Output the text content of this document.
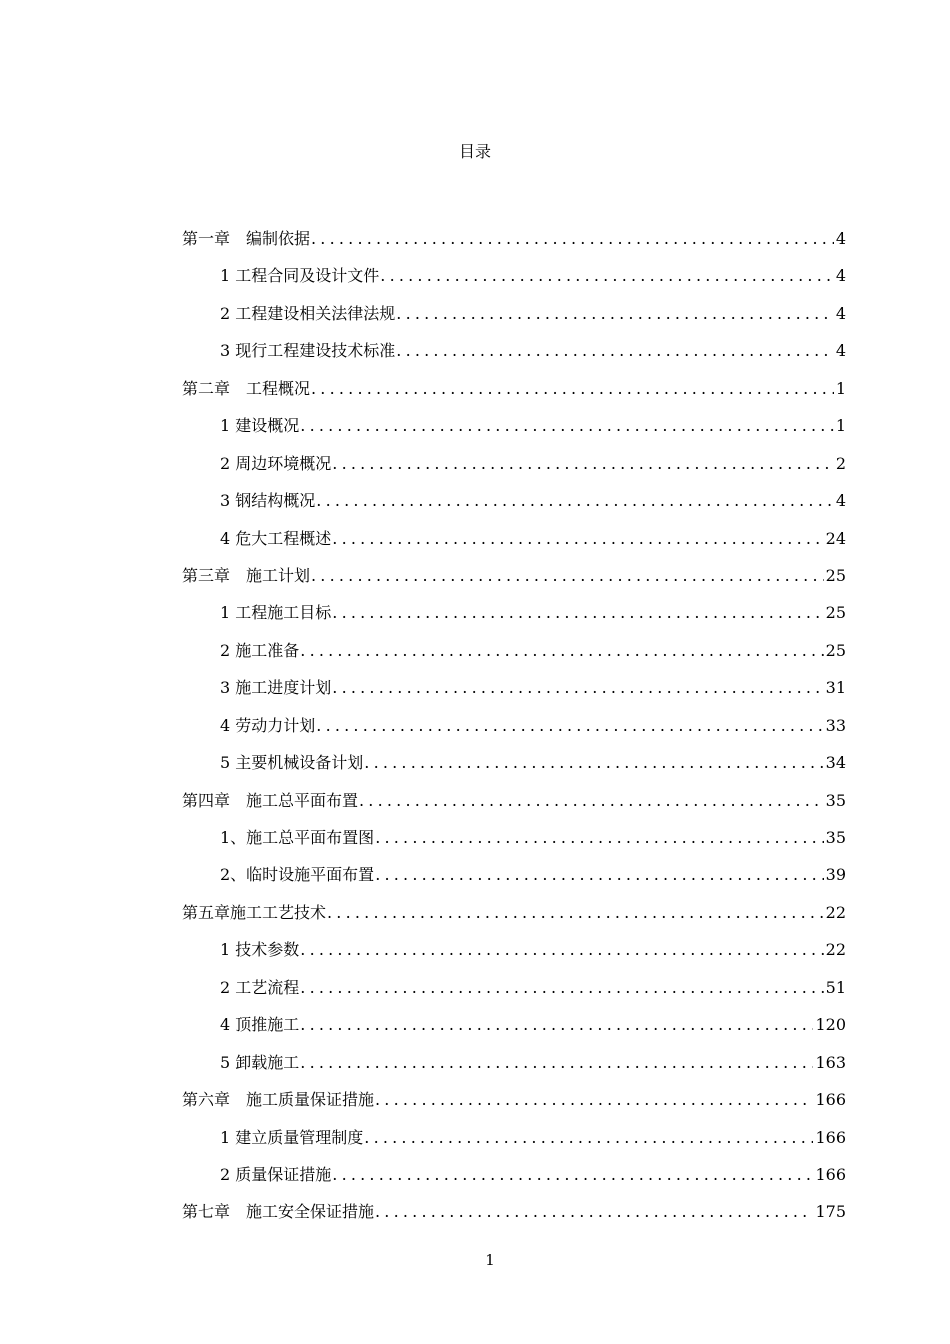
目录
第一章　编制依据 .....	4
1 工程合同及设计文件 .....	4
2 工程建设相关法律法规 .....	4
3 现行工程建设技术标准 .....	4
第二章　工程概况 .....	1
1 建设概况 .....	1
2 周边环境概况 .....	2
3 钢结构概况 .....	4
4 危大工程概述 .....	24
第三章　施工计划 .....	25
1 工程施工目标 .....	25
2 施工准备 .....	25
3 施工进度计划 .....	31
4 劳动力计划 .....	33
5 主要机械设备计划 .....	34
第四章　施工总平面布置 .....	35
1、施工总平面布置图 .....	35
2、临时设施平面布置 .....	39
第五章施工工艺技术 .....	22
1 技术参数 .....	22
2 工艺流程 .....	51
4 顶推施工 .....	120
5 卸载施工 .....	163
第六章　施工质量保证措施 .....	166
1 建立质量管理制度 .....	166
2 质量保证措施 .....	166
第七章　施工安全保证措施 .....	175
1
